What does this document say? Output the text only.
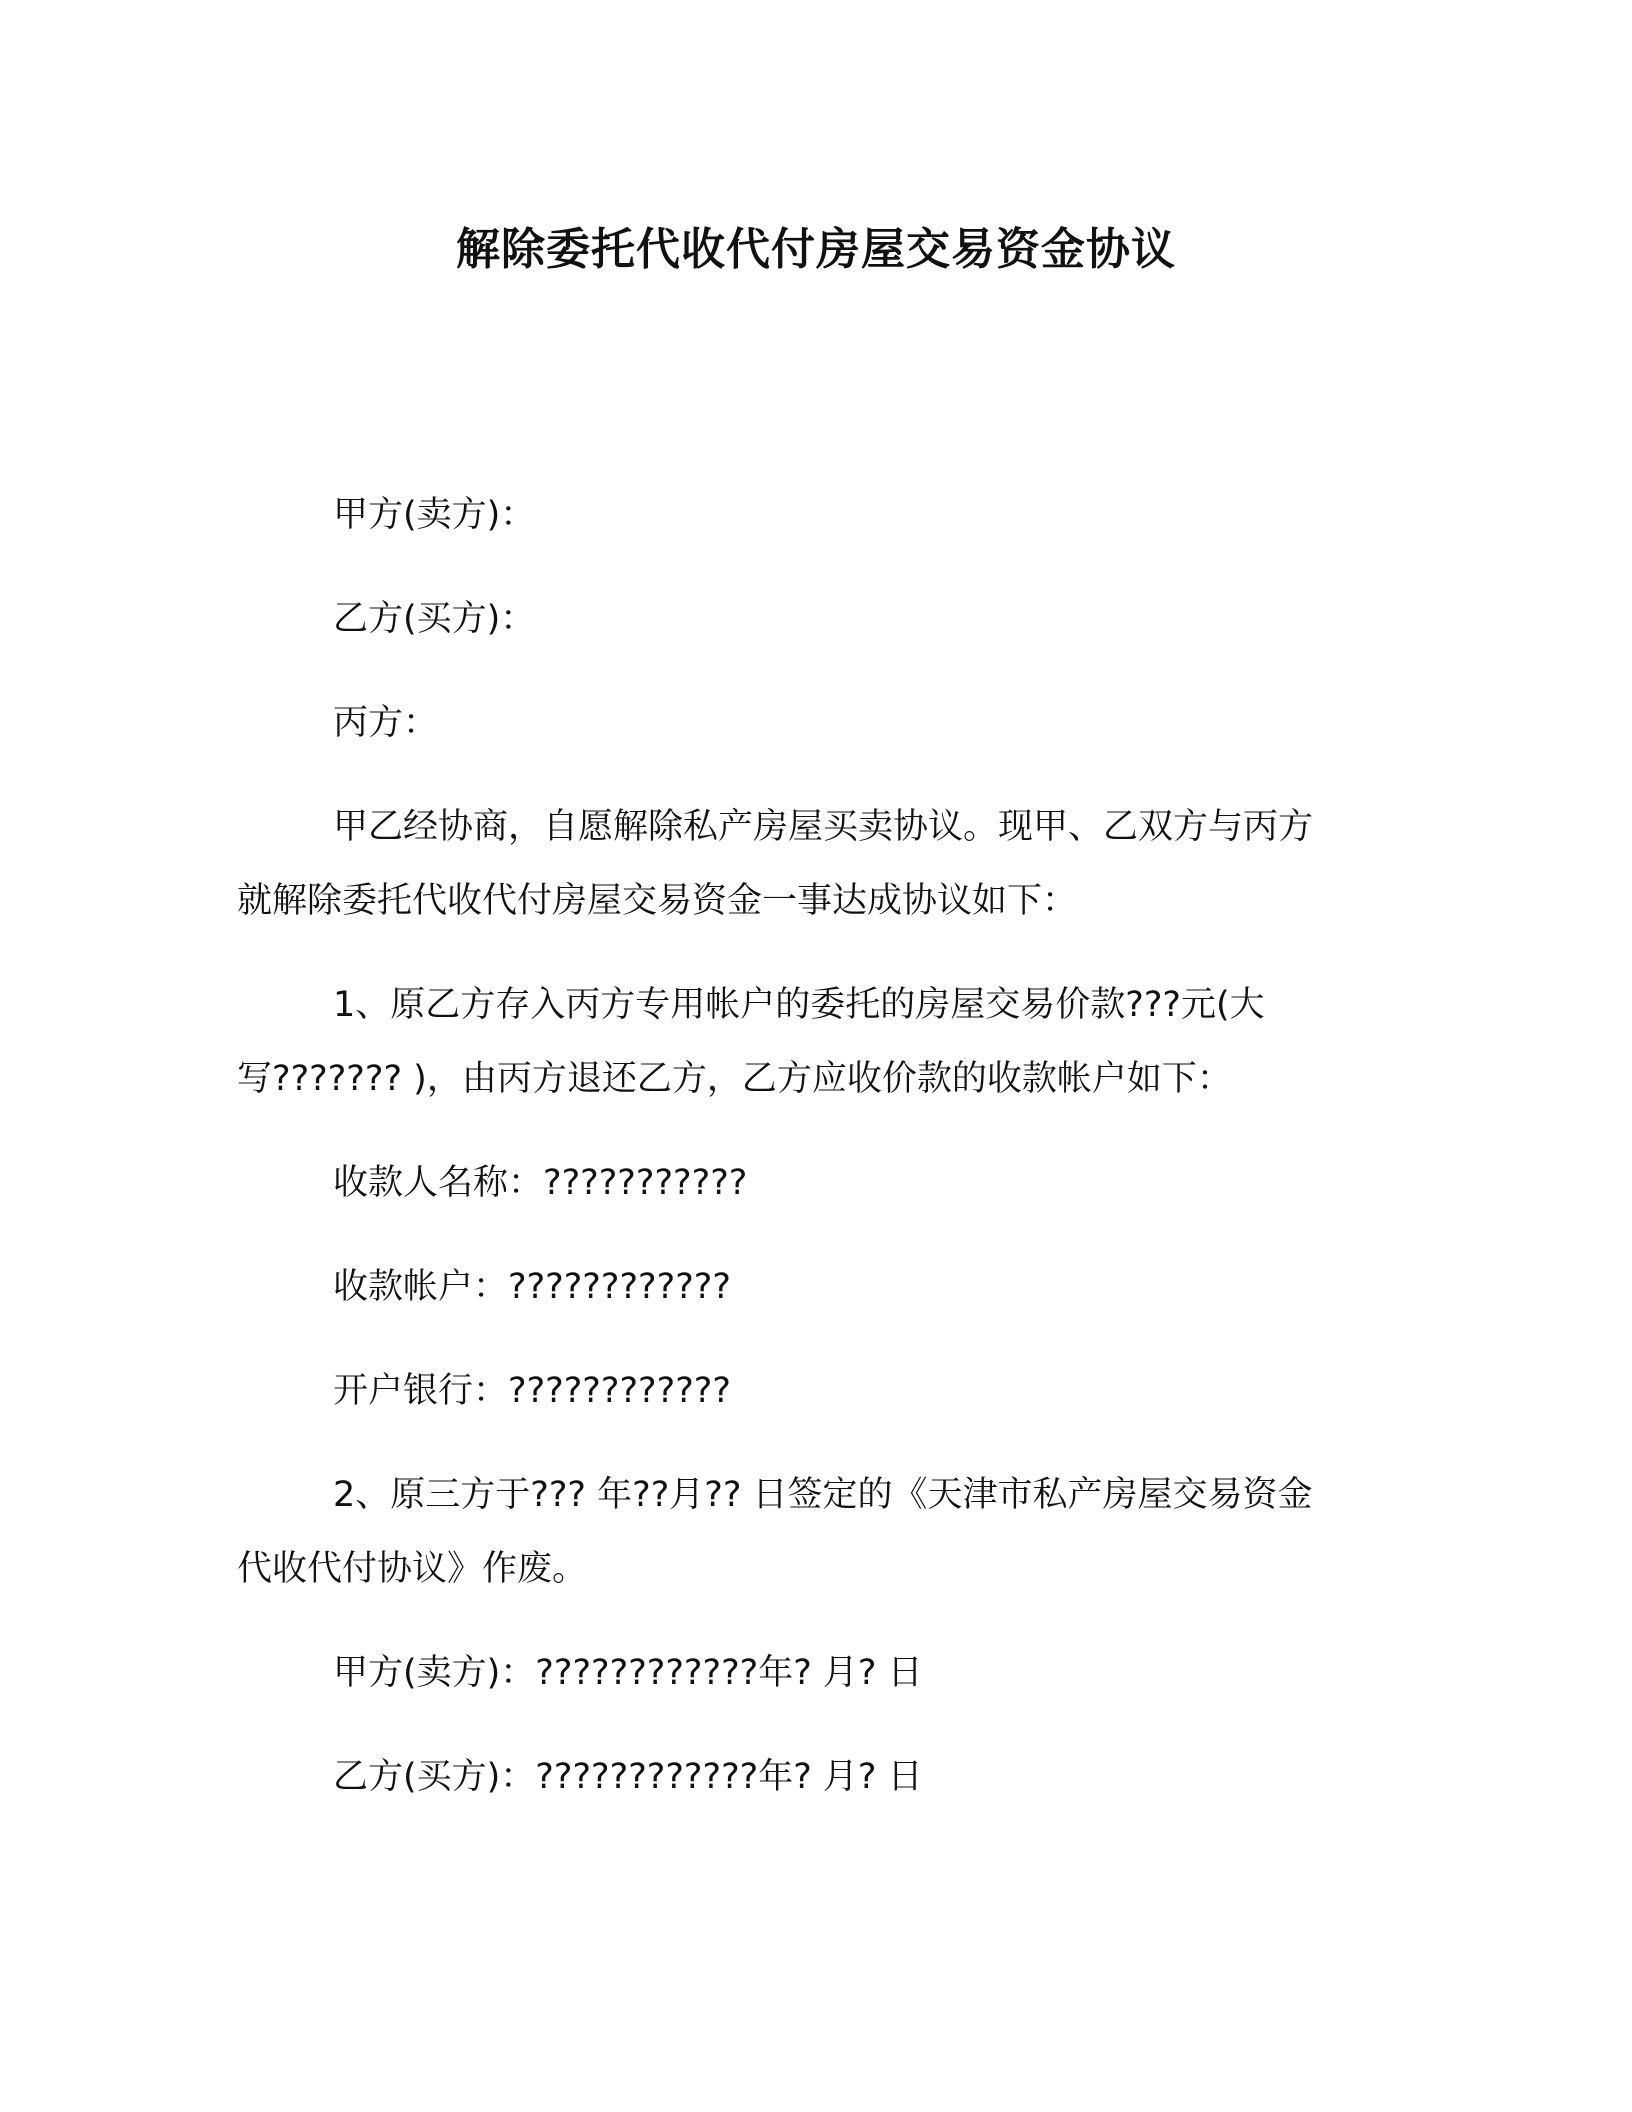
解除委托代收代付房屋交易资金协议
甲方(卖方)：
乙方(买方)：
丙方：
甲乙经协商，自愿解除私产房屋买卖协议。现甲、乙双方与丙方
就解除委托代收代付房屋交易资金一事达成协议如下：
1、原乙方存入丙方专用帐户的委托的房屋交易价款???元(大
写??????? )，由丙方退还乙方，乙方应收价款的收款帐户如下：
收款人名称：???????????
收款帐户：????????????
开户银行：????????????
2、原三方于??? 年??月?? 日签定的《天津市私产房屋交易资金
代收代付协议》作废。
甲方(卖方)：????????????年? 月? 日
乙方(买方)：????????????年? 月? 日
